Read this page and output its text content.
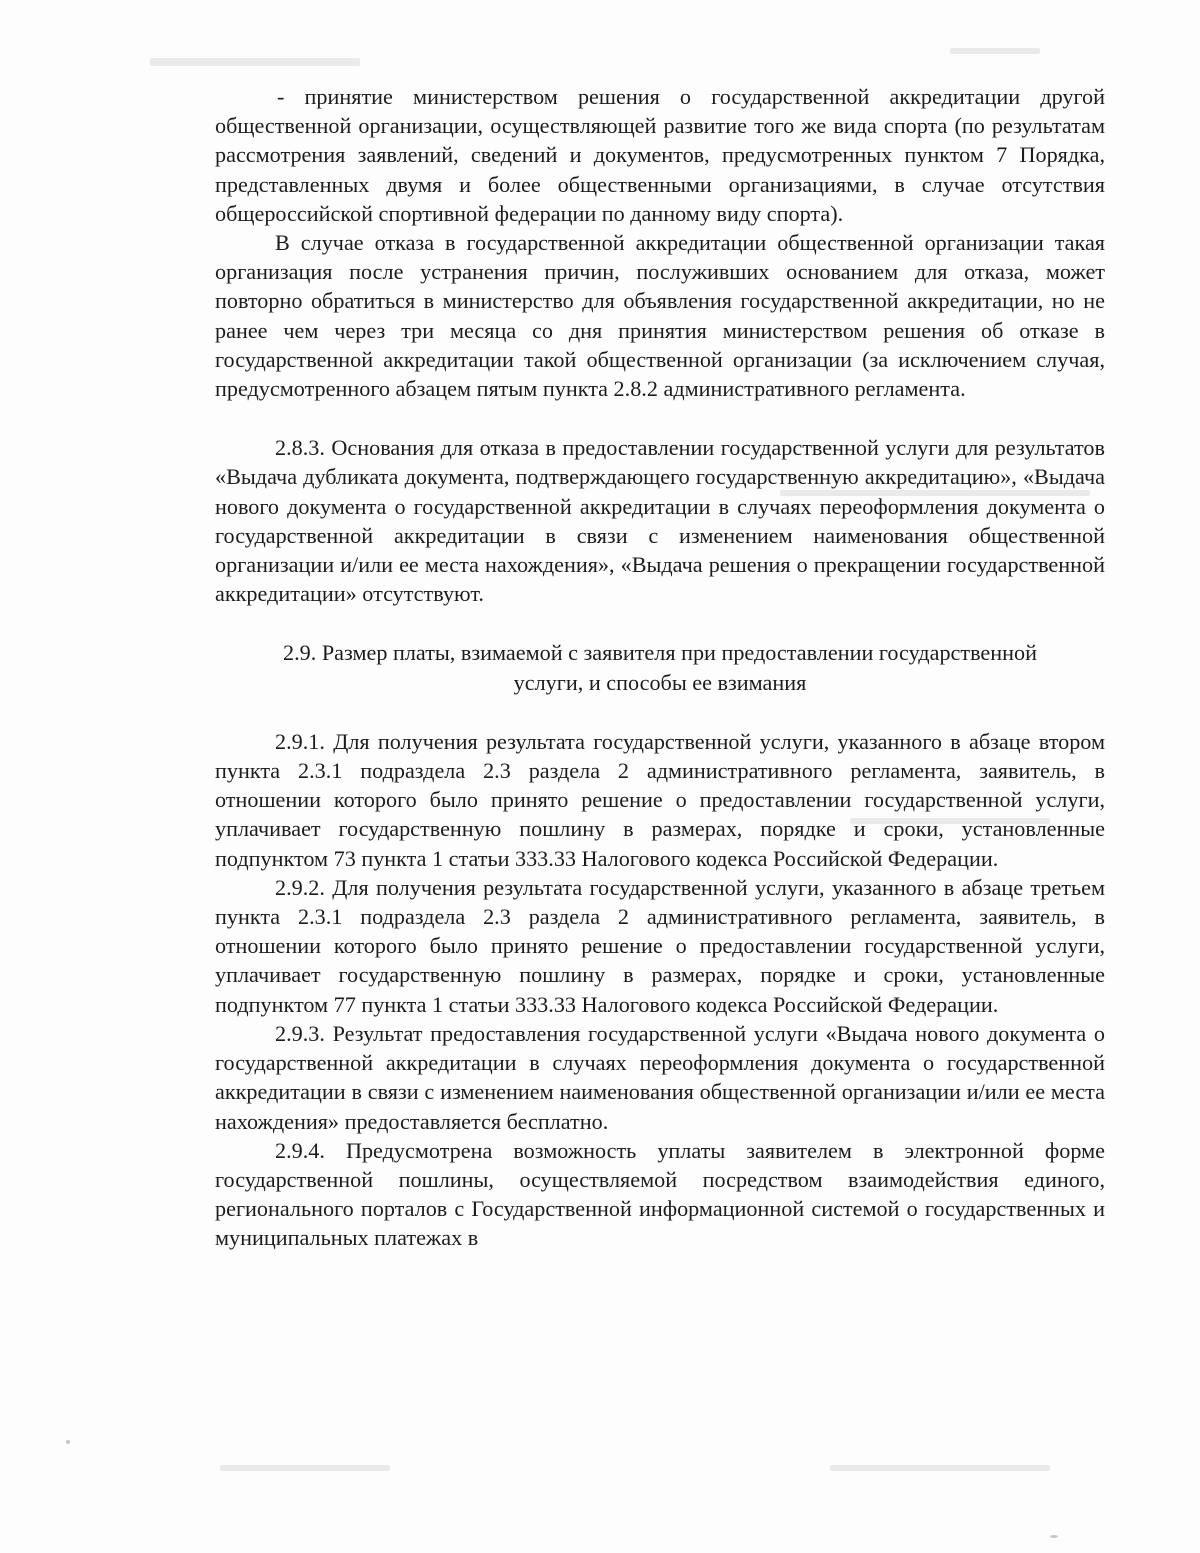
- принятие министерством решения о государственной аккредитации другой общественной организации, осуществляющей развитие того же вида спорта (по результатам рассмотрения заявлений, сведений и документов, предусмотренных пунктом 7 Порядка, представленных двумя и более общественными организациями, в случае отсутствия общероссийской спортивной федерации по данному виду спорта).

В случае отказа в государственной аккредитации общественной организации такая организация после устранения причин, послуживших основанием для отказа, может повторно обратиться в министерство для объявления государственной аккредитации, но не ранее чем через три месяца со дня принятия министерством решения об отказе в государственной аккредитации такой общественной организации (за исключением случая, предусмотренного абзацем пятым пункта 2.8.2 административного регламента.

2.8.3. Основания для отказа в предоставлении государственной услуги для результатов «Выдача дубликата документа, подтверждающего государственную аккредитацию», «Выдача нового документа о государственной аккредитации в случаях переоформления документа о государственной аккредитации в связи с изменением наименования общественной организации и/или ее места нахождения», «Выдача решения о прекращении государственной аккредитации» отсутствуют.

2.9. Размер платы, взимаемой с заявителя при предоставлении государственной

услуги, и способы ее взимания

2.9.1. Для получения результата государственной услуги, указанного в абзаце втором пункта 2.3.1 подраздела 2.3 раздела 2 административного регламента, заявитель, в отношении которого было принято решение о предоставлении государственной услуги, уплачивает государственную пошлину в размерах, порядке и сроки, установленные подпунктом 73 пункта 1 статьи 333.33 Налогового кодекса Российской Федерации.

2.9.2. Для получения результата государственной услуги, указанного в абзаце третьем пункта 2.3.1 подраздела 2.3 раздела 2 административного регламента, заявитель, в отношении которого было принято решение о предоставлении государственной услуги, уплачивает государственную пошлину в размерах, порядке и сроки, установленные подпунктом 77 пункта 1 статьи 333.33 Налогового кодекса Российской Федерации.

2.9.3. Результат предоставления государственной услуги «Выдача нового документа о государственной аккредитации в случаях переоформления документа о государственной аккредитации в связи с изменением наименования общественной организации и/или ее места нахождения» предоставляется бесплатно.

2.9.4. Предусмотрена возможность уплаты заявителем в электронной форме государственной пошлины, осуществляемой посредством взаимодействия единого, регионального порталов с Государственной информационной системой о государственных и муниципальных платежах в
